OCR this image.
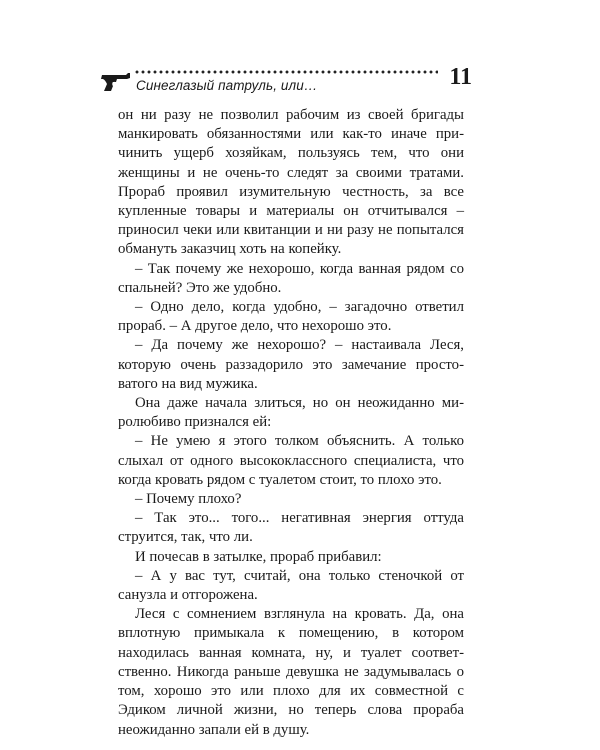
Синеглазый патруль, или…	11

он ни разу не позволил рабочим из своей бригады манкировать обязанностями или как-то иначе причинить ущерб хозяйкам, пользуясь тем, что они женщины и не очень-то следят за своими тратами. Прораб проявил изумительную честность, за все купленные товары и материалы он отчитывался – приносил чеки или квитанции и ни разу не попытался обмануть заказчиц хоть на копейку.

– Так почему же нехорошо, когда ванная рядом со спальней? Это же удобно.

– Одно дело, когда удобно, – загадочно ответил прораб. – А другое дело, что нехорошо это.

– Да почему же нехорошо? – настаивала Леся, которую очень раззадорило это замечание простоватого на вид мужика.

Она даже начала злиться, но он неожиданно миролюбиво признался ей:

– Не умею я этого толком объяснить. А только слыхал от одного высококлассного специалиста, что когда кровать рядом с туалетом стоит, то плохо это.

– Почему плохо?

– Так это... того... негативная энергия оттуда струится, так, что ли.

И почесав в затылке, прораб прибавил:

– А у вас тут, считай, она только стеночкой от санузла и отгорожена.

Леся с сомнением взглянула на кровать. Да, она вплотную примыкала к помещению, в котором находилась ванная комната, ну, и туалет соответственно. Никогда раньше девушка не задумывалась о том, хорошо это или плохо для их совместной с Эдиком личной жизни, но теперь слова прораба неожиданно запали ей в душу.
